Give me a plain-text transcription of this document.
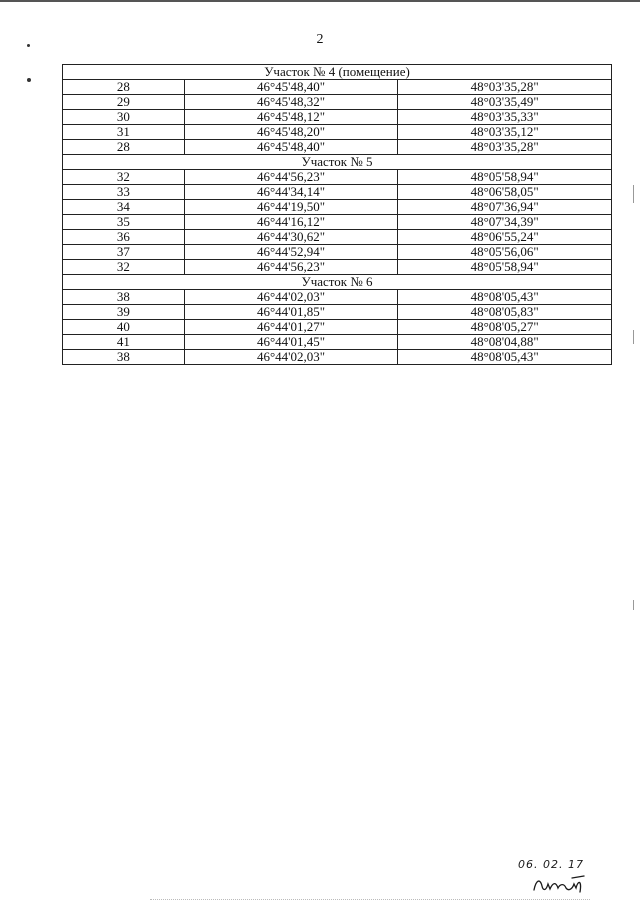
2
Участок № 4 (помещение)		
28	46°45'48,40"	48°03'35,28"
29	46°45'48,32"	48°03'35,49"
30	46°45'48,12"	48°03'35,33"
31	46°45'48,20"	48°03'35,12"
28	46°45'48,40"	48°03'35,28"
Участок № 5		
32	46°44'56,23"	48°05'58,94"
33	46°44'34,14"	48°06'58,05"
34	46°44'19,50"	48°07'36,94"
35	46°44'16,12"	48°07'34,39"
36	46°44'30,62"	48°06'55,24"
37	46°44'52,94"	48°05'56,06"
32	46°44'56,23"	48°05'58,94"
Участок № 6		
38	46°44'02,03"	48°08'05,43"
39	46°44'01,85"	48°08'05,83"
40	46°44'01,27"	48°08'05,27"
41	46°44'01,45"	48°08'04,88"
38	46°44'02,03"	48°08'05,43"
06. 02. 17
